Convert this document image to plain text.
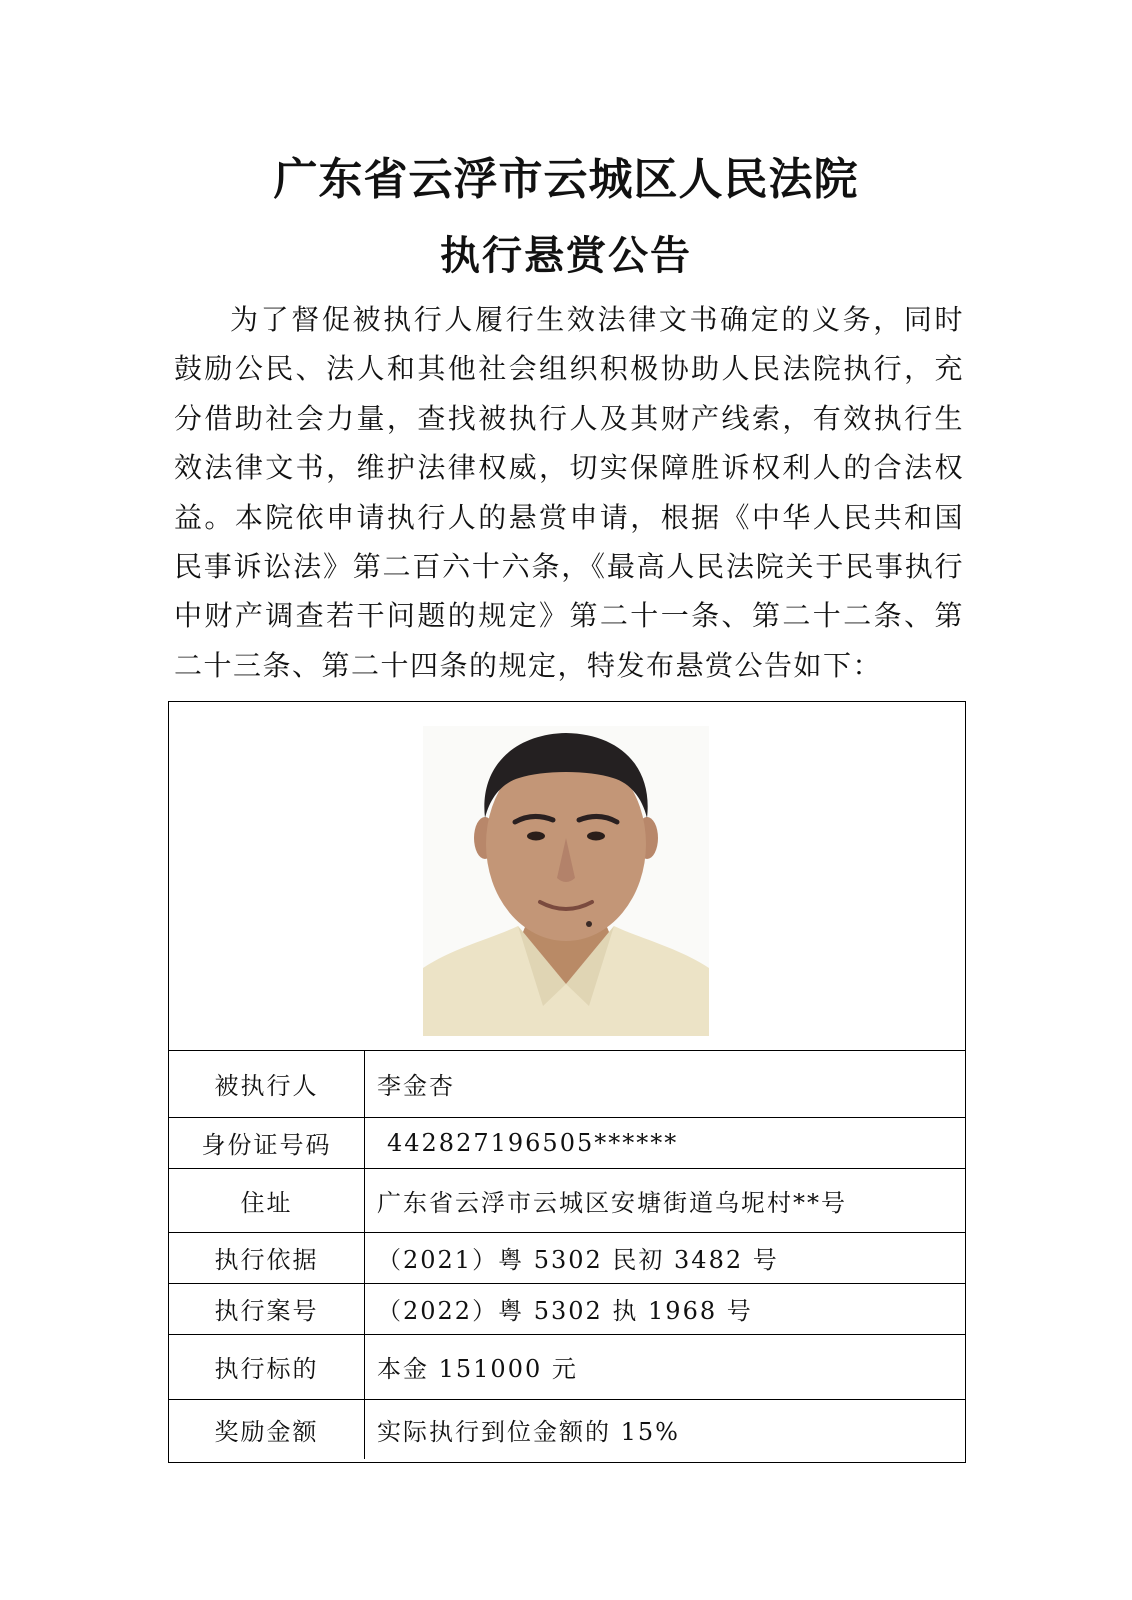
广东省云浮市云城区人民法院
执行悬赏公告

为了督促被执行人履行生效法律文书确定的义务，同时鼓励公民、法人和其他社会组织积极协助人民法院执行，充分借助社会力量，查找被执行人及其财产线索，有效执行生效法律文书，维护法律权威，切实保障胜诉权利人的合法权益。本院依申请执行人的悬赏申请，根据《中华人民共和国民事诉讼法》第二百六十六条，《最高人民法院关于民事执行中财产调查若干问题的规定》第二十一条、第二十二条、第二十三条、第二十四条的规定，特发布悬赏公告如下：

被执行人	李金杏
身份证号码	442827196505******
住址	广东省云浮市云城区安塘街道乌坭村**号
执行依据	（2021）粤 5302 民初 3482 号
执行案号	（2022）粤 5302 执 1968 号
执行标的	本金 151000 元
奖励金额	实际执行到位金额的 15%
